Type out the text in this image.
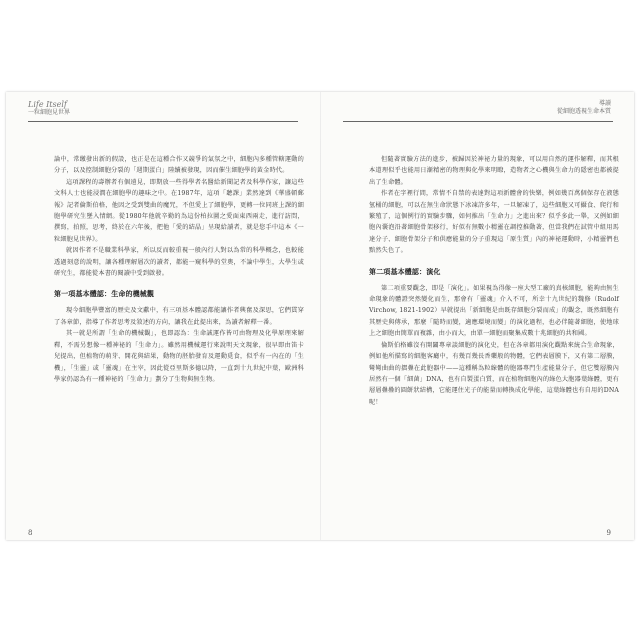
Life Itself
一粒細胞見世界

論中，常繳發出新的假設，也正是在這種合作又競爭的氣氛之中，細胞內多種管轄運動的分子，以及控制細胞分裂的「週期蛋白」陸續被發現，因而催生細胞學的黃金時代。

這項課程的壽辦者有個遠見，即期放一些得學者名醫給新聞記者及科學作家，讓這些文科人士也能浸潤在細胞學的趣味之中。在1987年，這項「聽課」業然達到《華盛頓郵報》記者倫斯伯格，他因之受到雙曲的魔咒，不但愛上了細胞學，更轉一位同班上課的細胞學研究生墜入情網。從1980年他就辛勤的為這份柏拉圖之愛面東西兩走，進行訪問，撰寫，拍照，思考，終於在六年後，把他「愛的結晶」呈現給讀者，就是您手中這本《一粒細胞見世界》。

就因作者不是職業科學家，所以反而較重視一般內行人對以為常的科學概念，也較能透過刻意的說明，讓各種理解層次的讀者，都能一窺科學的堂奧，不論中學生，大學生或研究生，都能從本書的閱讀中受到啟發。

第一項基本體認：生命的機械觀

現今細胞學豐富的歷史及文獻中，有三項基本體認都能讓作者興奮及深思，它們貫穿了各章節，指導了作者思考及敘述的方向，讓我在此提出來，為讀者解釋一番。

其一就是所謂「生命的機械觀」，也即認為：生命誠運作皆可由物理及化學原理來解釋，不需另想像一種神祕的「生命力」。雖然用機械運行來說明天文現象，很早即由笛卡兒提出，但植物的萌芽、開花與結果，動物的胚胎發育及運動覓食，似乎有一內在的「生機」，「生靈」或「靈魂」在主宰，因此從亞里斯多德以降，一直到十九世紀中葉，歐洲科學家仍認為有一種神祕的「生命力」劃分了生物與無生物。

8
導讀
從細胞透視生命本質

但隨著實驗方法的進步，被歸因於神祕力量的現象，可以用自然的運作解釋，而其根本道理似乎也能用日漸精密的物理與化學來明瞭，造物者之心機與生命力的隱密也都被提出了生命體。

作者在字裡行間，常情不自禁的表達對這項新體會的快樂，例如幾百萬個保存在液態氫桶的細胞，可以在無生命狀態下冰凍許多年，一旦解凍了，這些細胞又可攝食、爬行和繁殖了，這個例行的實驗步驟，如何推出「生命力」之進出來？似乎多此一舉，又例如細胞內囊泡沿著細胞骨架移行，好似有無數小精靈在調控推動著，但當我們在試管中組用馬達分子、細胞骨架分子和供應能量的分子重現這「原生質」內的神祕運動時，小精靈們也黯然失色了。

第二項基本體認：演化

第二項重要觀念，即是「演化」。如果視為得像一座大型工廠的真核細胞，能夠由無生命現象的體證突然變化而生，那會有「靈魂」介入不可，所幸十九世紀的魏修（Rudolf Virchow, 1821-1902）早就提出「新細胞是由既存細胞分裂而成」的觀念，既然細胞有其歷史與傳承，那麼「隨時而變，適應環境而變」的演化過程，也必伴隨著細胞，使地球上之細胞由簡單而複雜，由小而大，由單一細胞而聚集成數十兆細胞的共和國。

倫斯伯格雖沒有開闢專章談細胞的演化史，但在各章都用演化觀點來統合生命現象，例如他所描寫的細胞客廳中，有幾百幾長香藥般的物體，它們表層膜下，又有第二層膜，彎彎曲曲的摺疊在此胞器中——這種稱為粒線體的胞器專門生產能量分子，但它雙層膜內居然有一個「細菌」DNA，也有自製蛋白質，而在植物細胞內的綠色大胞器葉綠體，更有層層疊疊的圓餅狀結構，它能運住光子的能量而轉換成化學能，這葉綠體也有自用的DNA 呢！

9
